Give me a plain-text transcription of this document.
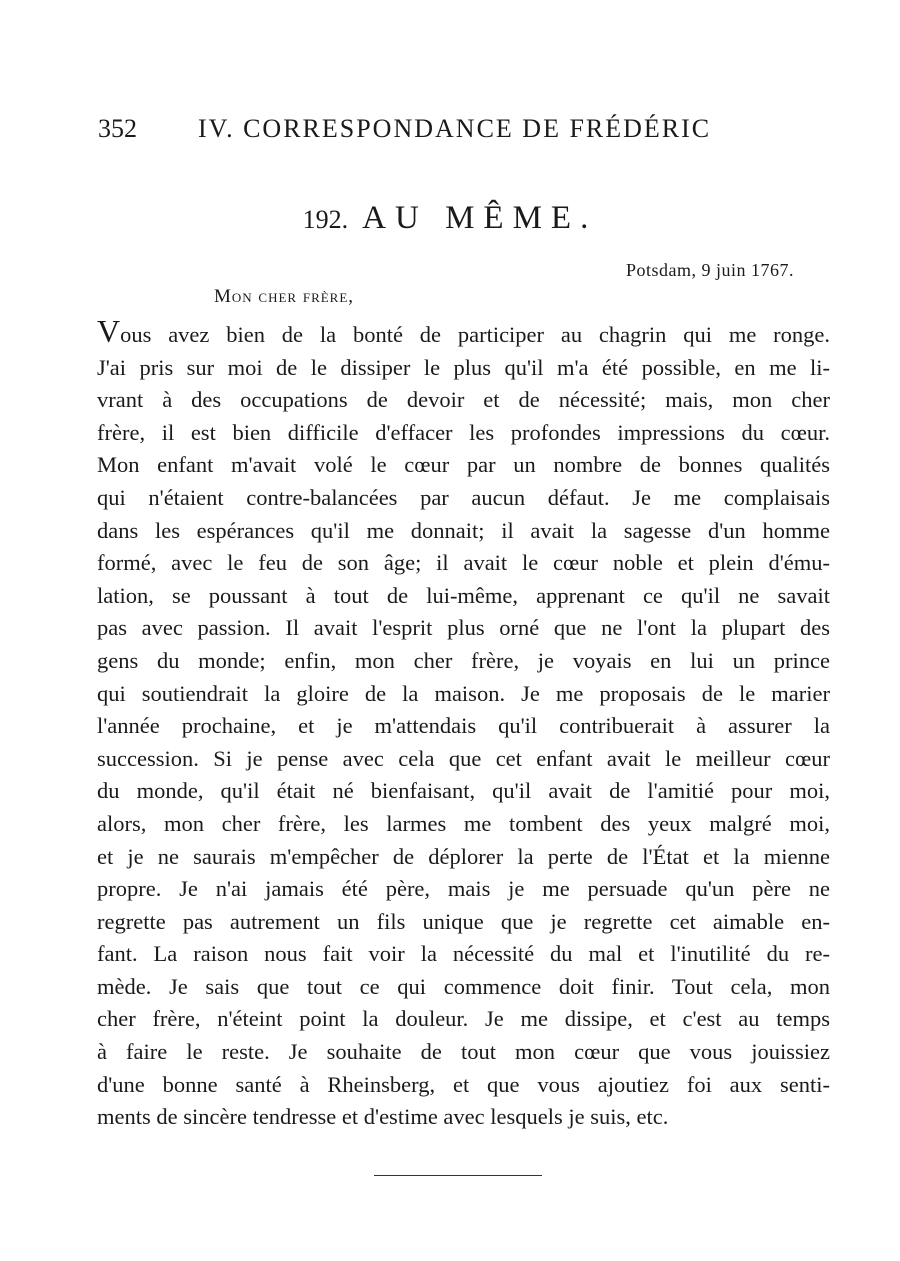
352 IV. CORRESPONDANCE DE FRÉDÉRIC
192. AU MÊME.
Potsdam, 9 juin 1767.
Mon cher frère,
Vous avez bien de la bonté de participer au chagrin qui me ronge.
J'ai pris sur moi de le dissiper le plus qu'il m'a été possible, en me li-
vrant à des occupations de devoir et de nécessité; mais, mon cher
frère, il est bien difficile d'effacer les profondes impressions du cœur.
Mon enfant m'avait volé le cœur par un nombre de bonnes qualités
qui n'étaient contre-balancées par aucun défaut. Je me complaisais
dans les espérances qu'il me donnait; il avait la sagesse d'un homme
formé, avec le feu de son âge; il avait le cœur noble et plein d'ému-
lation, se poussant à tout de lui-même, apprenant ce qu'il ne savait
pas avec passion. Il avait l'esprit plus orné que ne l'ont la plupart des
gens du monde; enfin, mon cher frère, je voyais en lui un prince
qui soutiendrait la gloire de la maison. Je me proposais de le marier
l'année prochaine, et je m'attendais qu'il contribuerait à assurer la
succession. Si je pense avec cela que cet enfant avait le meilleur cœur
du monde, qu'il était né bienfaisant, qu'il avait de l'amitié pour moi,
alors, mon cher frère, les larmes me tombent des yeux malgré moi,
et je ne saurais m'empêcher de déplorer la perte de l'État et la mienne
propre. Je n'ai jamais été père, mais je me persuade qu'un père ne
regrette pas autrement un fils unique que je regrette cet aimable en-
fant. La raison nous fait voir la nécessité du mal et l'inutilité du re-
mède. Je sais que tout ce qui commence doit finir. Tout cela, mon
cher frère, n'éteint point la douleur. Je me dissipe, et c'est au temps
à faire le reste. Je souhaite de tout mon cœur que vous jouissiez
d'une bonne santé à Rheinsberg, et que vous ajoutiez foi aux senti-
ments de sincère tendresse et d'estime avec lesquels je suis, etc.
